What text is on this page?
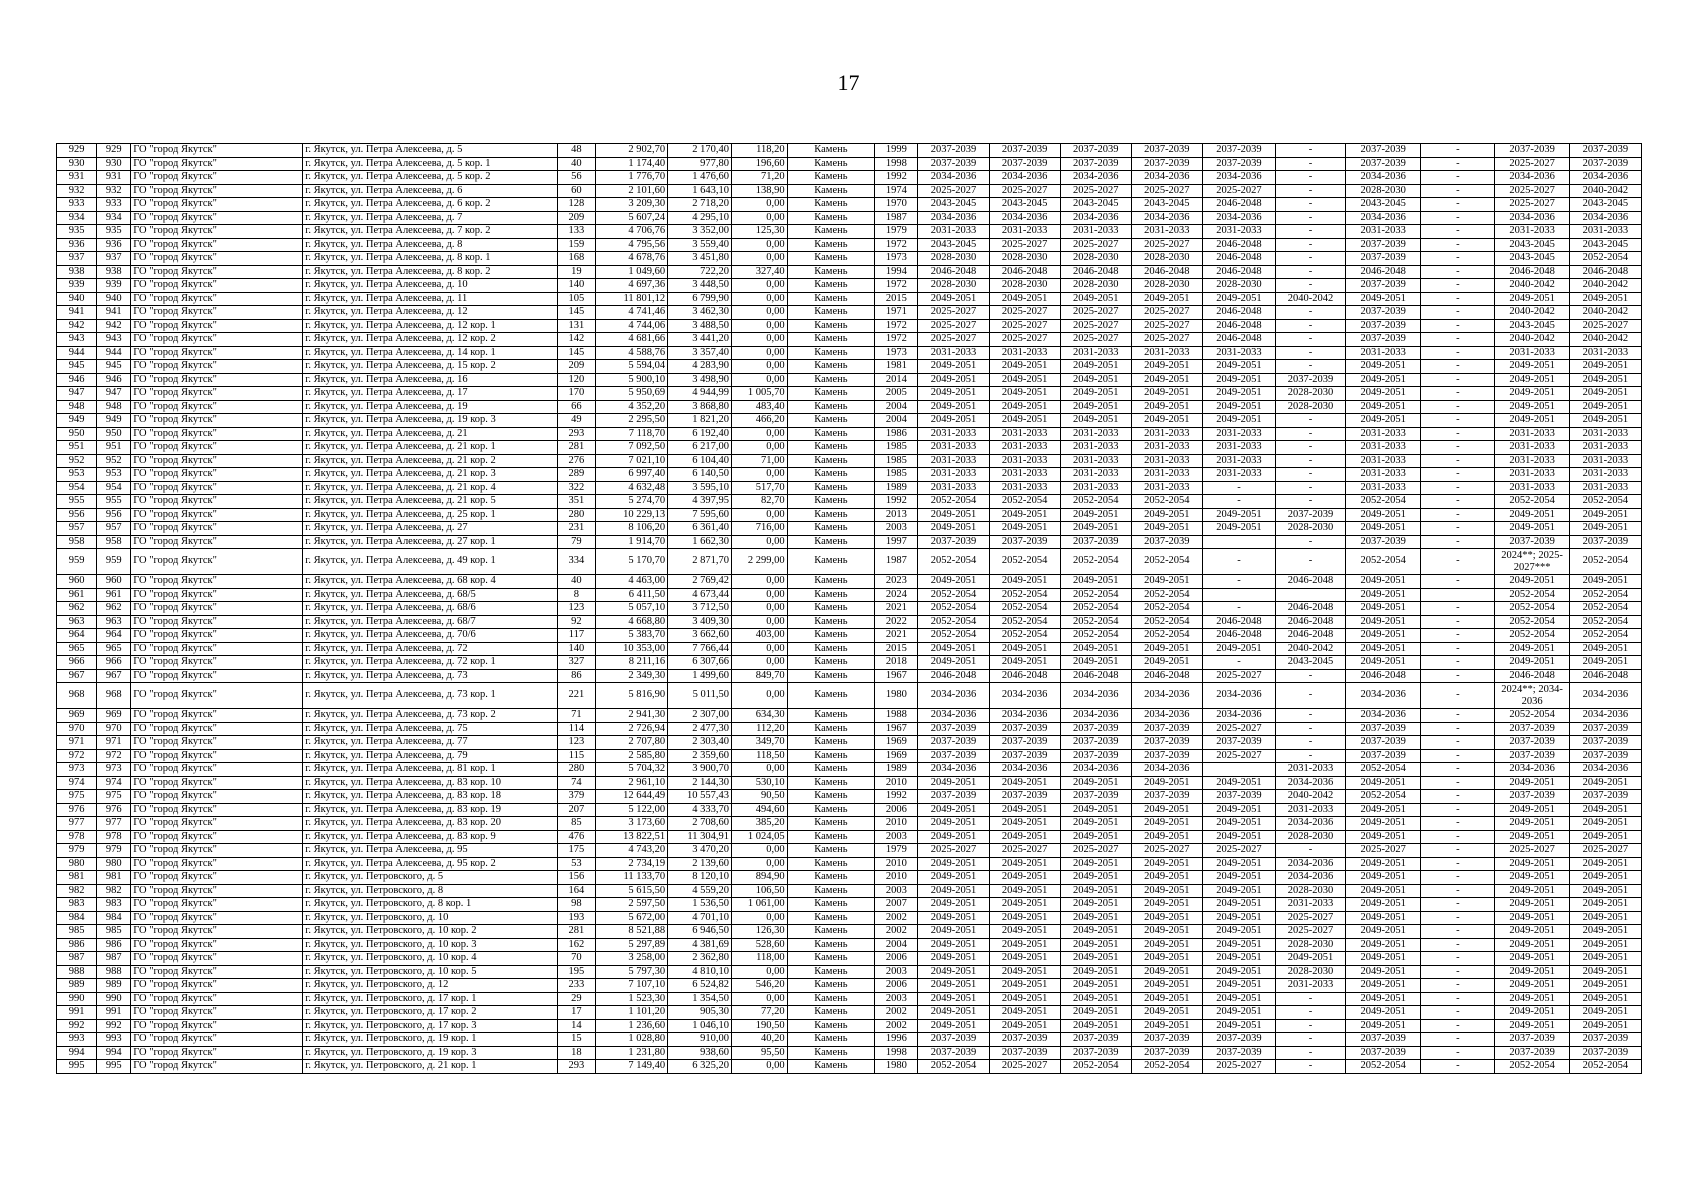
17
929	929	ГО "город Якутск"	г. Якутск, ул. Петра Алексеева, д. 5	48	2 902,70	2 170,40	118,20	Камень	1999	2037-2039	2037-2039	2037-2039	2037-2039	2037-2039	-	2037-2039	-	2037-2039	2037-2039
930	930	ГО "город Якутск"	г. Якутск, ул. Петра Алексеева, д. 5 кор. 1	40	1 174,40	977,80	196,60	Камень	1998	2037-2039	2037-2039	2037-2039	2037-2039	2037-2039	-	2037-2039	-	2025-2027	2037-2039
931	931	ГО "город Якутск"	г. Якутск, ул. Петра Алексеева, д. 5 кор. 2	56	1 776,70	1 476,60	71,20	Камень	1992	2034-2036	2034-2036	2034-2036	2034-2036	2034-2036	-	2034-2036	-	2034-2036	2034-2036
932	932	ГО "город Якутск"	г. Якутск, ул. Петра Алексеева, д. 6	60	2 101,60	1 643,10	138,90	Камень	1974	2025-2027	2025-2027	2025-2027	2025-2027	2025-2027	-	2028-2030	-	2025-2027	2040-2042
933	933	ГО "город Якутск"	г. Якутск, ул. Петра Алексеева, д. 6 кор. 2	128	3 209,30	2 718,20	0,00	Камень	1970	2043-2045	2043-2045	2043-2045	2043-2045	2046-2048	-	2043-2045	-	2025-2027	2043-2045
934	934	ГО "город Якутск"	г. Якутск, ул. Петра Алексеева, д. 7	209	5 607,24	4 295,10	0,00	Камень	1987	2034-2036	2034-2036	2034-2036	2034-2036	2034-2036	-	2034-2036	-	2034-2036	2034-2036
935	935	ГО "город Якутск"	г. Якутск, ул. Петра Алексеева, д. 7 кор. 2	133	4 706,76	3 352,00	125,30	Камень	1979	2031-2033	2031-2033	2031-2033	2031-2033	2031-2033	-	2031-2033	-	2031-2033	2031-2033
936	936	ГО "город Якутск"	г. Якутск, ул. Петра Алексеева, д. 8	159	4 795,56	3 559,40	0,00	Камень	1972	2043-2045	2025-2027	2025-2027	2025-2027	2046-2048	-	2037-2039	-	2043-2045	2043-2045
937	937	ГО "город Якутск"	г. Якутск, ул. Петра Алексеева, д. 8 кор. 1	168	4 678,76	3 451,80	0,00	Камень	1973	2028-2030	2028-2030	2028-2030	2028-2030	2046-2048	-	2037-2039	-	2043-2045	2052-2054
938	938	ГО "город Якутск"	г. Якутск, ул. Петра Алексеева, д. 8 кор. 2	19	1 049,60	722,20	327,40	Камень	1994	2046-2048	2046-2048	2046-2048	2046-2048	2046-2048	-	2046-2048	-	2046-2048	2046-2048
939	939	ГО "город Якутск"	г. Якутск, ул. Петра Алексеева, д. 10	140	4 697,36	3 448,50	0,00	Камень	1972	2028-2030	2028-2030	2028-2030	2028-2030	2028-2030	-	2037-2039	-	2040-2042	2040-2042
940	940	ГО "город Якутск"	г. Якутск, ул. Петра Алексеева, д. 11	105	11 801,12	6 799,90	0,00	Камень	2015	2049-2051	2049-2051	2049-2051	2049-2051	2049-2051	2040-2042	2049-2051	-	2049-2051	2049-2051
941	941	ГО "город Якутск"	г. Якутск, ул. Петра Алексеева, д. 12	145	4 741,46	3 462,30	0,00	Камень	1971	2025-2027	2025-2027	2025-2027	2025-2027	2046-2048	-	2037-2039	-	2040-2042	2040-2042
942	942	ГО "город Якутск"	г. Якутск, ул. Петра Алексеева, д. 12 кор. 1	131	4 744,06	3 488,50	0,00	Камень	1972	2025-2027	2025-2027	2025-2027	2025-2027	2046-2048	-	2037-2039	-	2043-2045	2025-2027
943	943	ГО "город Якутск"	г. Якутск, ул. Петра Алексеева, д. 12 кор. 2	142	4 681,66	3 441,20	0,00	Камень	1972	2025-2027	2025-2027	2025-2027	2025-2027	2046-2048	-	2037-2039	-	2040-2042	2040-2042
944	944	ГО "город Якутск"	г. Якутск, ул. Петра Алексеева, д. 14 кор. 1	145	4 588,76	3 357,40	0,00	Камень	1973	2031-2033	2031-2033	2031-2033	2031-2033	2031-2033	-	2031-2033	-	2031-2033	2031-2033
945	945	ГО "город Якутск"	г. Якутск, ул. Петра Алексеева, д. 15 кор. 2	209	5 594,04	4 283,90	0,00	Камень	1981	2049-2051	2049-2051	2049-2051	2049-2051	2049-2051	-	2049-2051	-	2049-2051	2049-2051
946	946	ГО "город Якутск"	г. Якутск, ул. Петра Алексеева, д. 16	120	5 900,10	3 498,90	0,00	Камень	2014	2049-2051	2049-2051	2049-2051	2049-2051	2049-2051	2037-2039	2049-2051	-	2049-2051	2049-2051
947	947	ГО "город Якутск"	г. Якутск, ул. Петра Алексеева, д. 17	170	5 950,69	4 944,99	1 005,70	Камень	2005	2049-2051	2049-2051	2049-2051	2049-2051	2049-2051	2028-2030	2049-2051	-	2049-2051	2049-2051
948	948	ГО "город Якутск"	г. Якутск, ул. Петра Алексеева, д. 19	66	4 352,20	3 868,80	483,40	Камень	2004	2049-2051	2049-2051	2049-2051	2049-2051	2049-2051	2028-2030	2049-2051	-	2049-2051	2049-2051
949	949	ГО "город Якутск"	г. Якутск, ул. Петра Алексеева, д. 19 кор. 3	49	2 295,50	1 821,20	466,20	Камень	2004	2049-2051	2049-2051	2049-2051	2049-2051	2049-2051	-	2049-2051	-	2049-2051	2049-2051
950	950	ГО "город Якутск"	г. Якутск, ул. Петра Алексеева, д. 21	293	7 118,70	6 192,40	0,00	Камень	1986	2031-2033	2031-2033	2031-2033	2031-2033	2031-2033	-	2031-2033	-	2031-2033	2031-2033
951	951	ГО "город Якутск"	г. Якутск, ул. Петра Алексеева, д. 21 кор. 1	281	7 092,50	6 217,00	0,00	Камень	1985	2031-2033	2031-2033	2031-2033	2031-2033	2031-2033	-	2031-2033	-	2031-2033	2031-2033
952	952	ГО "город Якутск"	г. Якутск, ул. Петра Алексеева, д. 21 кор. 2	276	7 021,10	6 104,40	71,00	Камень	1985	2031-2033	2031-2033	2031-2033	2031-2033	2031-2033	-	2031-2033	-	2031-2033	2031-2033
953	953	ГО "город Якутск"	г. Якутск, ул. Петра Алексеева, д. 21 кор. 3	289	6 997,40	6 140,50	0,00	Камень	1985	2031-2033	2031-2033	2031-2033	2031-2033	2031-2033	-	2031-2033	-	2031-2033	2031-2033
954	954	ГО "город Якутск"	г. Якутск, ул. Петра Алексеева, д. 21 кор. 4	322	4 632,48	3 595,10	517,70	Камень	1989	2031-2033	2031-2033	2031-2033	2031-2033	-	-	2031-2033	-	2031-2033	2031-2033
955	955	ГО "город Якутск"	г. Якутск, ул. Петра Алексеева, д. 21 кор. 5	351	5 274,70	4 397,95	82,70	Камень	1992	2052-2054	2052-2054	2052-2054	2052-2054	-	-	2052-2054	-	2052-2054	2052-2054
956	956	ГО "город Якутск"	г. Якутск, ул. Петра Алексеева, д. 25 кор. 1	280	10 229,13	7 595,60	0,00	Камень	2013	2049-2051	2049-2051	2049-2051	2049-2051	2049-2051	2037-2039	2049-2051	-	2049-2051	2049-2051
957	957	ГО "город Якутск"	г. Якутск, ул. Петра Алексеева, д. 27	231	8 106,20	6 361,40	716,00	Камень	2003	2049-2051	2049-2051	2049-2051	2049-2051	2049-2051	2028-2030	2049-2051	-	2049-2051	2049-2051
958	958	ГО "город Якутск"	г. Якутск, ул. Петра Алексеева, д. 27 кор. 1	79	1 914,70	1 662,30	0,00	Камень	1997	2037-2039	2037-2039	2037-2039	2037-2039		-	2037-2039	-	2037-2039	2037-2039
959	959	ГО "город Якутск"	г. Якутск, ул. Петра Алексеева, д. 49 кор. 1	334	5 170,70	2 871,70	2 299,00	Камень	1987	2052-2054	2052-2054	2052-2054	2052-2054	-	-	2052-2054	-	2024**; 2025-2027***	2052-2054
960	960	ГО "город Якутск"	г. Якутск, ул. Петра Алексеева, д. 68 кор. 4	40	4 463,00	2 769,42	0,00	Камень	2023	2049-2051	2049-2051	2049-2051	2049-2051	-	2046-2048	2049-2051	-	2049-2051	2049-2051
961	961	ГО "город Якутск"	г. Якутск, ул. Петра Алексеева, д. 68/5	8	6 411,50	4 673,44	0,00	Камень	2024	2052-2054	2052-2054	2052-2054	2052-2054			2049-2051		2052-2054	2052-2054
962	962	ГО "город Якутск"	г. Якутск, ул. Петра Алексеева, д. 68/6	123	5 057,10	3 712,50	0,00	Камень	2021	2052-2054	2052-2054	2052-2054	2052-2054	-	2046-2048	2049-2051	-	2052-2054	2052-2054
963	963	ГО "город Якутск"	г. Якутск, ул. Петра Алексеева, д. 68/7	92	4 668,80	3 409,30	0,00	Камень	2022	2052-2054	2052-2054	2052-2054	2052-2054	2046-2048	2046-2048	2049-2051	-	2052-2054	2052-2054
964	964	ГО "город Якутск"	г. Якутск, ул. Петра Алексеева, д. 70/6	117	5 383,70	3 662,60	403,00	Камень	2021	2052-2054	2052-2054	2052-2054	2052-2054	2046-2048	2046-2048	2049-2051	-	2052-2054	2052-2054
965	965	ГО "город Якутск"	г. Якутск, ул. Петра Алексеева, д. 72	140	10 353,00	7 766,44	0,00	Камень	2015	2049-2051	2049-2051	2049-2051	2049-2051	2049-2051	2040-2042	2049-2051	-	2049-2051	2049-2051
966	966	ГО "город Якутск"	г. Якутск, ул. Петра Алексеева, д. 72 кор. 1	327	8 211,16	6 307,66	0,00	Камень	2018	2049-2051	2049-2051	2049-2051	2049-2051	-	2043-2045	2049-2051	-	2049-2051	2049-2051
967	967	ГО "город Якутск"	г. Якутск, ул. Петра Алексеева, д. 73	86	2 349,30	1 499,60	849,70	Камень	1967	2046-2048	2046-2048	2046-2048	2046-2048	2025-2027	-	2046-2048	-	2046-2048	2046-2048
968	968	ГО "город Якутск"	г. Якутск, ул. Петра Алексеева, д. 73 кор. 1	221	5 816,90	5 011,50	0,00	Камень	1980	2034-2036	2034-2036	2034-2036	2034-2036	2034-2036	-	2034-2036	-	2024**; 2034-2036	2034-2036
969	969	ГО "город Якутск"	г. Якутск, ул. Петра Алексеева, д. 73 кор. 2	71	2 941,30	2 307,00	634,30	Камень	1988	2034-2036	2034-2036	2034-2036	2034-2036	2034-2036	-	2034-2036	-	2052-2054	2034-2036
970	970	ГО "город Якутск"	г. Якутск, ул. Петра Алексеева, д. 75	114	2 726,94	2 477,30	112,20	Камень	1967	2037-2039	2037-2039	2037-2039	2037-2039	2025-2027	-	2037-2039	-	2037-2039	2037-2039
971	971	ГО "город Якутск"	г. Якутск, ул. Петра Алексеева, д. 77	123	2 707,80	2 303,40	349,70	Камень	1969	2037-2039	2037-2039	2037-2039	2037-2039	2037-2039	-	2037-2039	-	2037-2039	2037-2039
972	972	ГО "город Якутск"	г. Якутск, ул. Петра Алексеева, д. 79	115	2 585,80	2 359,60	118,50	Камень	1969	2037-2039	2037-2039	2037-2039	2037-2039	2025-2027	-	2037-2039	-	2037-2039	2037-2039
973	973	ГО "город Якутск"	г. Якутск, ул. Петра Алексеева, д. 81 кор. 1	280	5 704,32	3 900,70	0,00	Камень	1989	2034-2036	2034-2036	2034-2036	2034-2036		2031-2033	2052-2054	-	2034-2036	2034-2036
974	974	ГО "город Якутск"	г. Якутск, ул. Петра Алексеева, д. 83 кор. 10	74	2 961,10	2 144,30	530,10	Камень	2010	2049-2051	2049-2051	2049-2051	2049-2051	2049-2051	2034-2036	2049-2051	-	2049-2051	2049-2051
975	975	ГО "город Якутск"	г. Якутск, ул. Петра Алексеева, д. 83 кор. 18	379	12 644,49	10 557,43	90,50	Камень	1992	2037-2039	2037-2039	2037-2039	2037-2039	2037-2039	2040-2042	2052-2054	-	2037-2039	2037-2039
976	976	ГО "город Якутск"	г. Якутск, ул. Петра Алексеева, д. 83 кор. 19	207	5 122,00	4 333,70	494,60	Камень	2006	2049-2051	2049-2051	2049-2051	2049-2051	2049-2051	2031-2033	2049-2051	-	2049-2051	2049-2051
977	977	ГО "город Якутск"	г. Якутск, ул. Петра Алексеева, д. 83 кор. 20	85	3 173,60	2 708,60	385,20	Камень	2010	2049-2051	2049-2051	2049-2051	2049-2051	2049-2051	2034-2036	2049-2051	-	2049-2051	2049-2051
978	978	ГО "город Якутск"	г. Якутск, ул. Петра Алексеева, д. 83 кор. 9	476	13 822,51	11 304,91	1 024,05	Камень	2003	2049-2051	2049-2051	2049-2051	2049-2051	2049-2051	2028-2030	2049-2051	-	2049-2051	2049-2051
979	979	ГО "город Якутск"	г. Якутск, ул. Петра Алексеева, д. 95	175	4 743,20	3 470,20	0,00	Камень	1979	2025-2027	2025-2027	2025-2027	2025-2027	2025-2027	-	2025-2027	-	2025-2027	2025-2027
980	980	ГО "город Якутск"	г. Якутск, ул. Петра Алексеева, д. 95 кор. 2	53	2 734,19	2 139,60	0,00	Камень	2010	2049-2051	2049-2051	2049-2051	2049-2051	2049-2051	2034-2036	2049-2051	-	2049-2051	2049-2051
981	981	ГО "город Якутск"	г. Якутск, ул. Петровского, д. 5	156	11 133,70	8 120,10	894,90	Камень	2010	2049-2051	2049-2051	2049-2051	2049-2051	2049-2051	2034-2036	2049-2051	-	2049-2051	2049-2051
982	982	ГО "город Якутск"	г. Якутск, ул. Петровского, д. 8	164	5 615,50	4 559,20	106,50	Камень	2003	2049-2051	2049-2051	2049-2051	2049-2051	2049-2051	2028-2030	2049-2051	-	2049-2051	2049-2051
983	983	ГО "город Якутск"	г. Якутск, ул. Петровского, д. 8 кор. 1	98	2 597,50	1 536,50	1 061,00	Камень	2007	2049-2051	2049-2051	2049-2051	2049-2051	2049-2051	2031-2033	2049-2051	-	2049-2051	2049-2051
984	984	ГО "город Якутск"	г. Якутск, ул. Петровского, д. 10	193	5 672,00	4 701,10	0,00	Камень	2002	2049-2051	2049-2051	2049-2051	2049-2051	2049-2051	2025-2027	2049-2051	-	2049-2051	2049-2051
985	985	ГО "город Якутск"	г. Якутск, ул. Петровского, д. 10 кор. 2	281	8 521,88	6 946,50	126,30	Камень	2002	2049-2051	2049-2051	2049-2051	2049-2051	2049-2051	2025-2027	2049-2051	-	2049-2051	2049-2051
986	986	ГО "город Якутск"	г. Якутск, ул. Петровского, д. 10 кор. 3	162	5 297,89	4 381,69	528,60	Камень	2004	2049-2051	2049-2051	2049-2051	2049-2051	2049-2051	2028-2030	2049-2051	-	2049-2051	2049-2051
987	987	ГО "город Якутск"	г. Якутск, ул. Петровского, д. 10 кор. 4	70	3 258,00	2 362,80	118,00	Камень	2006	2049-2051	2049-2051	2049-2051	2049-2051	2049-2051	2049-2051	2049-2051	-	2049-2051	2049-2051
988	988	ГО "город Якутск"	г. Якутск, ул. Петровского, д. 10 кор. 5	195	5 797,30	4 810,10	0,00	Камень	2003	2049-2051	2049-2051	2049-2051	2049-2051	2049-2051	2028-2030	2049-2051	-	2049-2051	2049-2051
989	989	ГО "город Якутск"	г. Якутск, ул. Петровского, д. 12	233	7 107,10	6 524,82	546,20	Камень	2006	2049-2051	2049-2051	2049-2051	2049-2051	2049-2051	2031-2033	2049-2051	-	2049-2051	2049-2051
990	990	ГО "город Якутск"	г. Якутск, ул. Петровского, д. 17 кор. 1	29	1 523,30	1 354,50	0,00	Камень	2003	2049-2051	2049-2051	2049-2051	2049-2051	2049-2051	-	2049-2051	-	2049-2051	2049-2051
991	991	ГО "город Якутск"	г. Якутск, ул. Петровского, д. 17 кор. 2	17	1 101,20	905,30	77,20	Камень	2002	2049-2051	2049-2051	2049-2051	2049-2051	2049-2051	-	2049-2051	-	2049-2051	2049-2051
992	992	ГО "город Якутск"	г. Якутск, ул. Петровского, д. 17 кор. 3	14	1 236,60	1 046,10	190,50	Камень	2002	2049-2051	2049-2051	2049-2051	2049-2051	2049-2051	-	2049-2051	-	2049-2051	2049-2051
993	993	ГО "город Якутск"	г. Якутск, ул. Петровского, д. 19 кор. 1	15	1 028,80	910,00	40,20	Камень	1996	2037-2039	2037-2039	2037-2039	2037-2039	2037-2039	-	2037-2039	-	2037-2039	2037-2039
994	994	ГО "город Якутск"	г. Якутск, ул. Петровского, д. 19 кор. 3	18	1 231,80	938,60	95,50	Камень	1998	2037-2039	2037-2039	2037-2039	2037-2039	2037-2039	-	2037-2039	-	2037-2039	2037-2039
995	995	ГО "город Якутск"	г. Якутск, ул. Петровского, д. 21 кор. 1	293	7 149,40	6 325,20	0,00	Камень	1980	2052-2054	2025-2027	2052-2054	2052-2054	2025-2027	-	2052-2054	-	2052-2054	2052-2054
